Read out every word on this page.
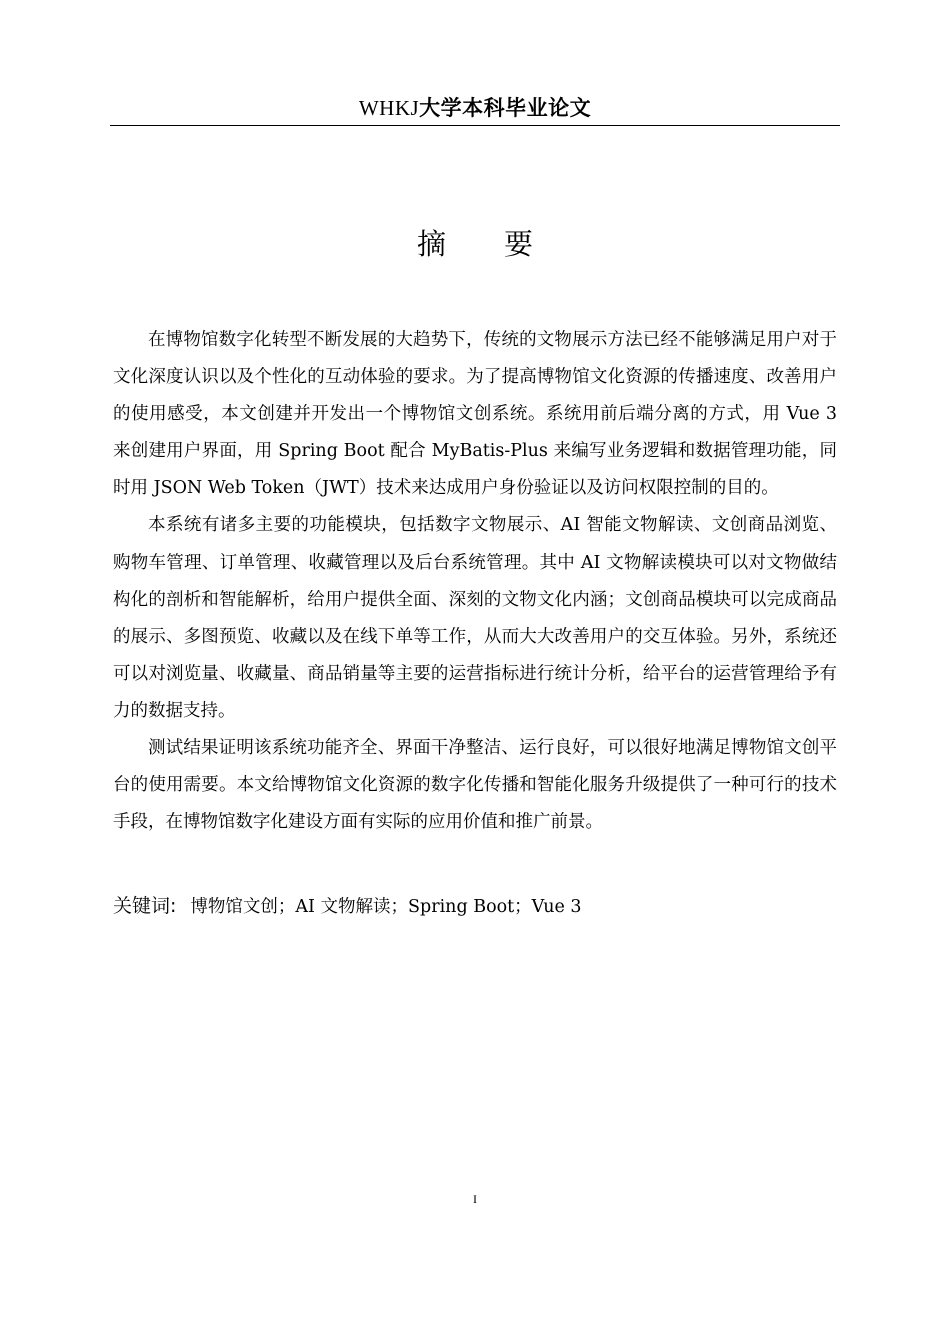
WHKJ大学本科毕业论文
摘 要

在博物馆数字化转型不断发展的大趋势下，传统的文物展示方法已经不能够满足用户对于文化深度认识以及个性化的互动体验的要求。为了提高博物馆文化资源的传播速度、改善用户的使用感受，本文创建并开发出一个博物馆文创系统。系统用前后端分离的方式，用 Vue 3 来创建用户界面，用 Spring Boot 配合 MyBatis-Plus 来编写业务逻辑和数据管理功能，同时用 JSON Web Token（JWT）技术来达成用户身份验证以及访问权限控制的目的。

本系统有诸多主要的功能模块，包括数字文物展示、AI 智能文物解读、文创商品浏览、购物车管理、订单管理、收藏管理以及后台系统管理。其中 AI 文物解读模块可以对文物做结构化的剖析和智能解析，给用户提供全面、深刻的文物文化内涵；文创商品模块可以完成商品的展示、多图预览、收藏以及在线下单等工作，从而大大改善用户的交互体验。另外，系统还可以对浏览量、收藏量、商品销量等主要的运营指标进行统计分析，给平台的运营管理给予有力的数据支持。

测试结果证明该系统功能齐全、界面干净整洁、运行良好，可以很好地满足博物馆文创平台的使用需要。本文给博物馆文化资源的数字化传播和智能化服务升级提供了一种可行的技术手段，在博物馆数字化建设方面有实际的应用价值和推广前景。

关键词: 博物馆文创；AI 文物解读；Spring Boot；Vue 3
I
